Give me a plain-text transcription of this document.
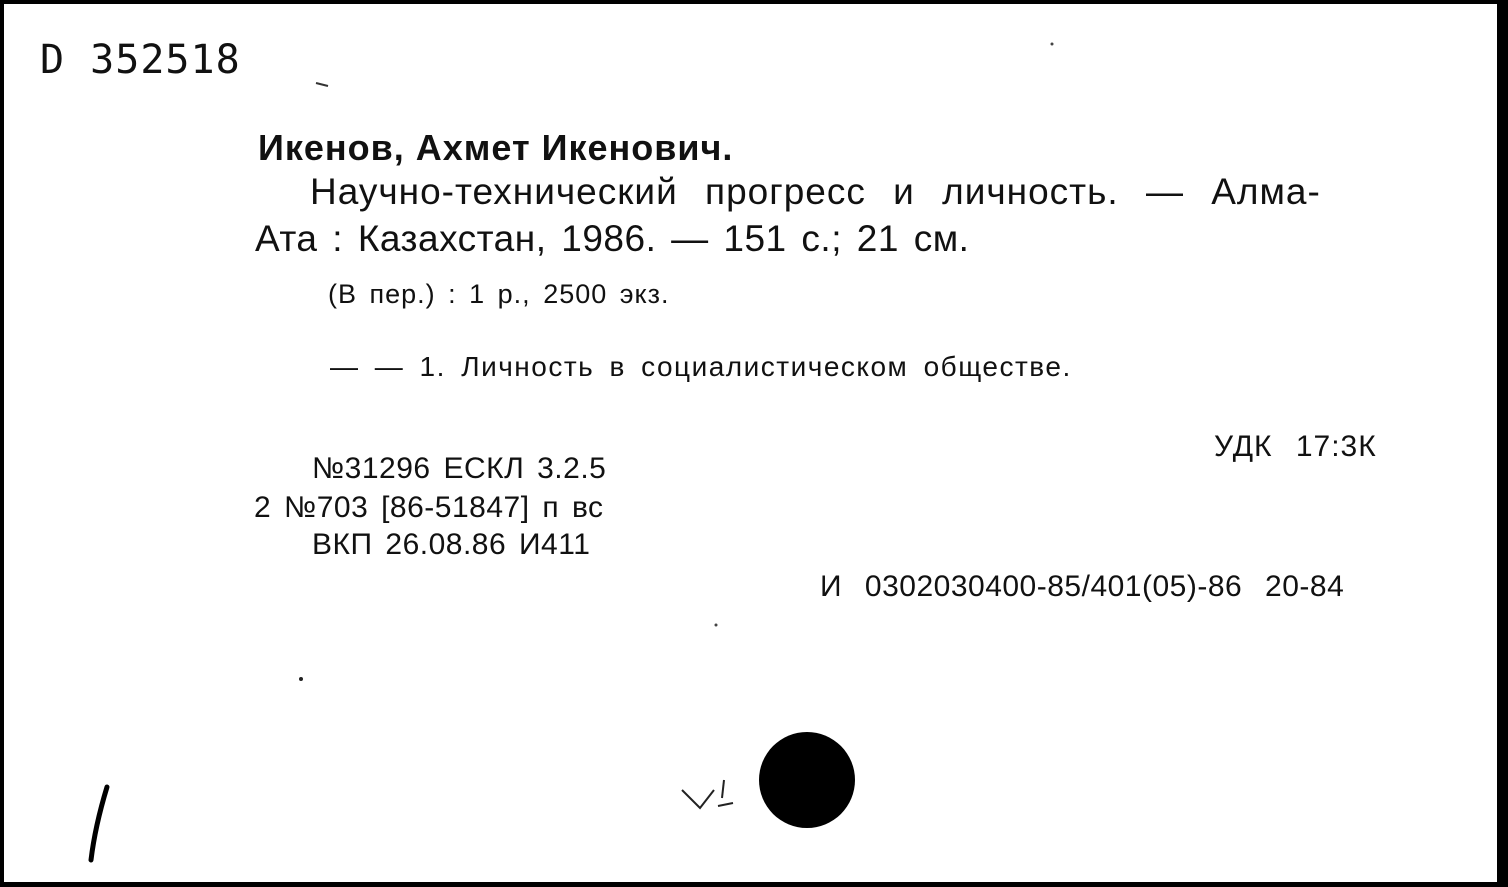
D 352518
Икенов, Ахмет Икенович.
Научно-технический прогресс и личность. — Алма-
Ата : Казахстан, 1986. — 151 с.; 21 см.
(В пер.) : 1 р., 2500 экз.
— — 1. Личность в социалистическом обществе.
УДК 17:3К
№31296 ЕСКЛ 3.2.5
2 №703 [86-51847] п вс
ВКП 26.08.86 И411
И 0302030400-85/401(05)-86 20-84
